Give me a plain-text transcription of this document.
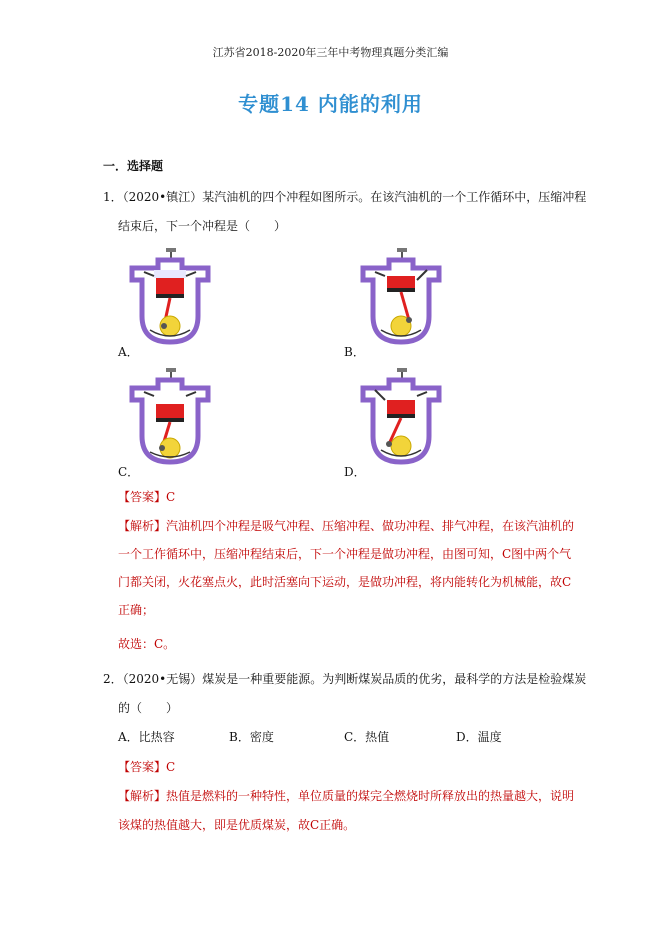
江苏省2018-2020年三年中考物理真题分类汇编
专题14 内能的利用
一．选择题
1．（2020•镇江）某汽油机的四个冲程如图所示。在该汽油机的一个工作循环中，压缩冲程
结束后，下一个冲程是（　　）
A．	B．
C．	D．
【答案】C
【解析】汽油机四个冲程是吸气冲程、压缩冲程、做功冲程、排气冲程，在该汽油机的
一个工作循环中，压缩冲程结束后，下一个冲程是做功冲程，由图可知，C图中两个气
门都关闭，火花塞点火，此时活塞向下运动，是做功冲程，将内能转化为机械能，故C
正确；
故选：C。
2．（2020•无锡）煤炭是一种重要能源。为判断煤炭品质的优劣，最科学的方法是检验煤炭
的（　　）
A．比热容	B．密度	C．热值	D．温度
【答案】C
【解析】热值是燃料的一种特性，单位质量的煤完全燃烧时所释放出的热量越大，说明
该煤的热值越大，即是优质煤炭，故C正确。
